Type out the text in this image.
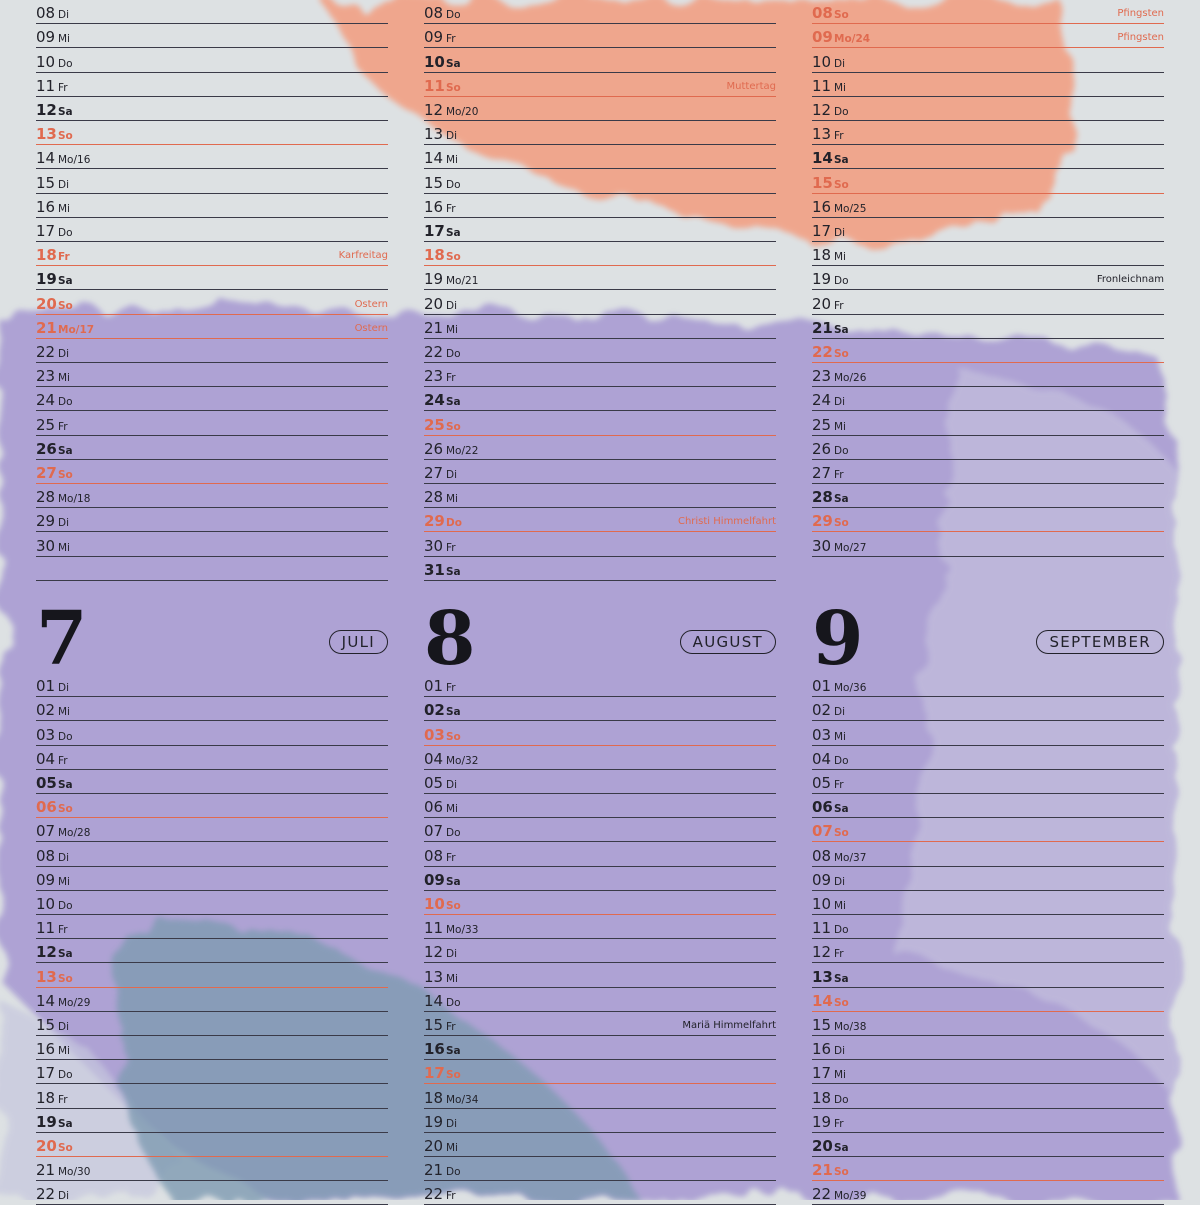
08 Di
09 Mi
10 Do
11 Fr
12 Sa
13 So
14 Mo/16
15 Di
16 Mi
17 Do
18 Fr	Karfreitag
19 Sa
20 So	Ostern
21 Mo/17	Ostern
22 Di
23 Mi
24 Do
25 Fr
26 Sa
27 So
28 Mo/18
29 Di
30 Mi
08 Do
09 Fr
10 Sa
11 So	Muttertag
12 Mo/20
13 Di
14 Mi
15 Do
16 Fr
17 Sa
18 So
19 Mo/21
20 Di
21 Mi
22 Do
23 Fr
24 Sa
25 So
26 Mo/22
27 Di
28 Mi
29 Do	Christi Himmelfahrt
30 Fr
31 Sa
08 So	Pfingsten
09 Mo/24	Pfingsten
10 Di
11 Mi
12 Do
13 Fr
14 Sa
15 So
16 Mo/25
17 Di
18 Mi
19 Do	Fronleichnam
20 Fr
21 Sa
22 So
23 Mo/26
24 Di
25 Mi
26 Do
27 Fr
28 Sa
29 So
30 Mo/27
7	JULI
01 Di
02 Mi
03 Do
04 Fr
05 Sa
06 So
07 Mo/28
08 Di
09 Mi
10 Do
11 Fr
12 Sa
13 So
14 Mo/29
15 Di
16 Mi
17 Do
18 Fr
19 Sa
20 So
21 Mo/30
22 Di
8	AUGUST
01 Fr
02 Sa
03 So
04 Mo/32
05 Di
06 Mi
07 Do
08 Fr
09 Sa
10 So
11 Mo/33
12 Di
13 Mi
14 Do
15 Fr	Mariä Himmelfahrt
16 Sa
17 So
18 Mo/34
19 Di
20 Mi
21 Do
22 Fr
9	SEPTEMBER
01 Mo/36
02 Di
03 Mi
04 Do
05 Fr
06 Sa
07 So
08 Mo/37
09 Di
10 Mi
11 Do
12 Fr
13 Sa
14 So
15 Mo/38
16 Di
17 Mi
18 Do
19 Fr
20 Sa
21 So
22 Mo/39
